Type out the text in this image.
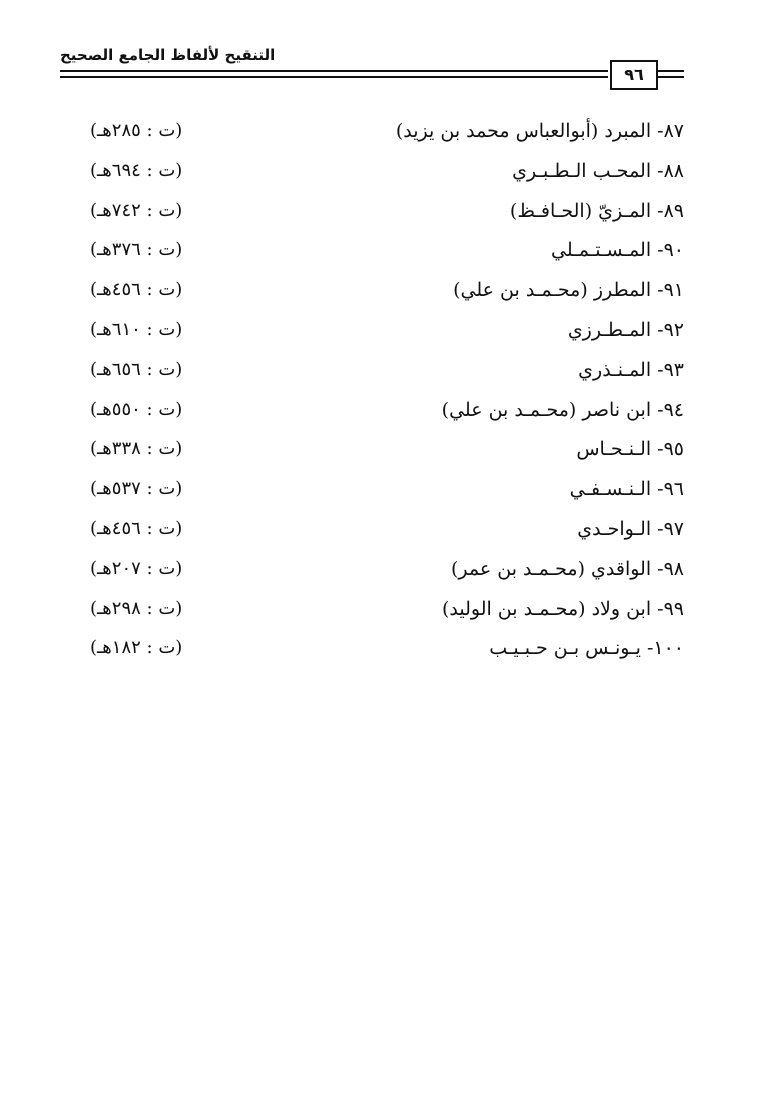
التنقيح لألفاظ الجامع الصحيح
٩٦
٨٧- المبرد (أبوالعباس محمد بن يزيد)
(ت : ٢٨٥هـ)
٨٨- المحـب الـطـبـري
(ت : ٦٩٤هـ)
٨٩- المـزيّ (الحـافـظ)
(ت : ٧٤٢هـ)
٩٠- المـسـتـمـلي
(ت : ٣٧٦هـ)
٩١- المطرز (محـمـد بن علي)
(ت : ٤٥٦هـ)
٩٢- المـطـرزي
(ت : ٦١٠هـ)
٩٣- المـنـذري
(ت : ٦٥٦هـ)
٩٤- ابن ناصر (محـمـد بن علي)
(ت : ٥٥٠هـ)
٩٥- الـنـحـاس
(ت : ٣٣٨هـ)
٩٦- الـنـسـفـي
(ت : ٥٣٧هـ)
٩٧- الـواحـدي
(ت : ٤٥٦هـ)
٩٨- الواقدي (محـمـد بن عمر)
(ت : ٢٠٧هـ)
٩٩- ابن ولاد (محـمـد بن الوليد)
(ت : ٢٩٨هـ)
١٠٠- يـونـس بـن حـبـيـب
(ت : ١٨٢هـ)
